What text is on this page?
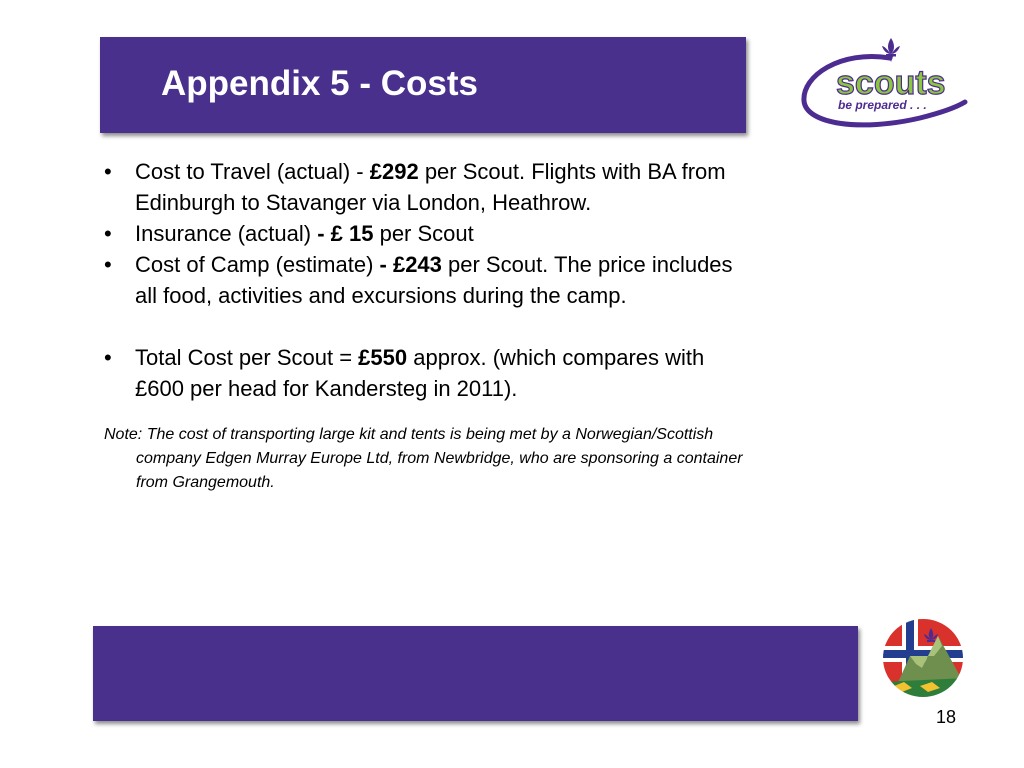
Appendix 5 - Costs	scouts
be prepared . . .
• Cost to Travel (actual) - £292 per Scout. Flights with BA from Edinburgh to Stavanger via London, Heathrow.
• Insurance (actual) - £ 15 per Scout
• Cost of Camp (estimate) - £243 per Scout. The price includes all food, activities and excursions during the camp.
• Total Cost per Scout = £550 approx. (which compares with £600 per head for Kandersteg in 2011).

Note: The cost of transporting large kit and tents is being met by a Norwegian/Scottish company Edgen Murray Europe Ltd, from Newbridge, who are sponsoring a container from Grangemouth.

18
